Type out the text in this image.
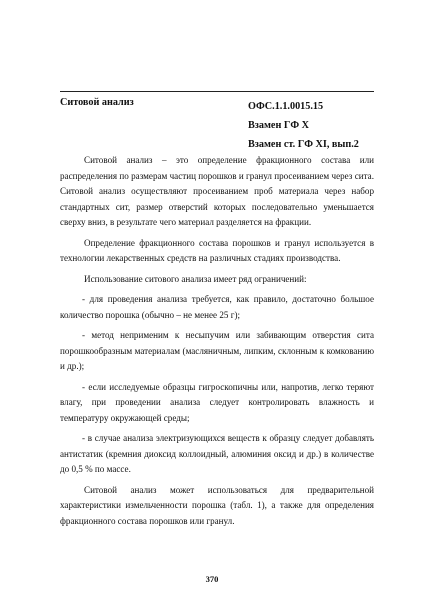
Ситовой анализ	ОФС.1.1.0015.15
Взамен ГФ X
Взамен ст. ГФ XI, вып.2

Ситовой анализ – это определение фракционного состава или распределения по размерам частиц порошков и гранул просеиванием через сита. Ситовой анализ осуществляют просеиванием проб материала через набор стандартных сит, размер отверстий которых последовательно уменьшается сверху вниз, в результате чего материал разделяется на фракции.

Определение фракционного состава порошков и гранул используется в технологии лекарственных средств на различных стадиях производства.

Использование ситового анализа имеет ряд ограничений:

- для проведения анализа требуется, как правило, достаточно большое количество порошка (обычно – не менее 25 г);

- метод неприменим к несыпучим или забивающим отверстия сита порошкообразным материалам (масляничным, липким, склонным к комкованию и др.);

- если исследуемые образцы гигроскопичны или, напротив, легко теряют влагу, при проведении анализа следует контролировать влажность и температуру окружающей среды;

- в случае анализа электризующихся веществ к образцу следует добавлять антистатик (кремния диоксид коллоидный, алюминия оксид и др.) в количестве до 0,5 % по массе.

Ситовой анализ может использоваться для предварительной характеристики измельченности порошка (табл. 1), а также для определения фракционного состава порошков или гранул.

370
